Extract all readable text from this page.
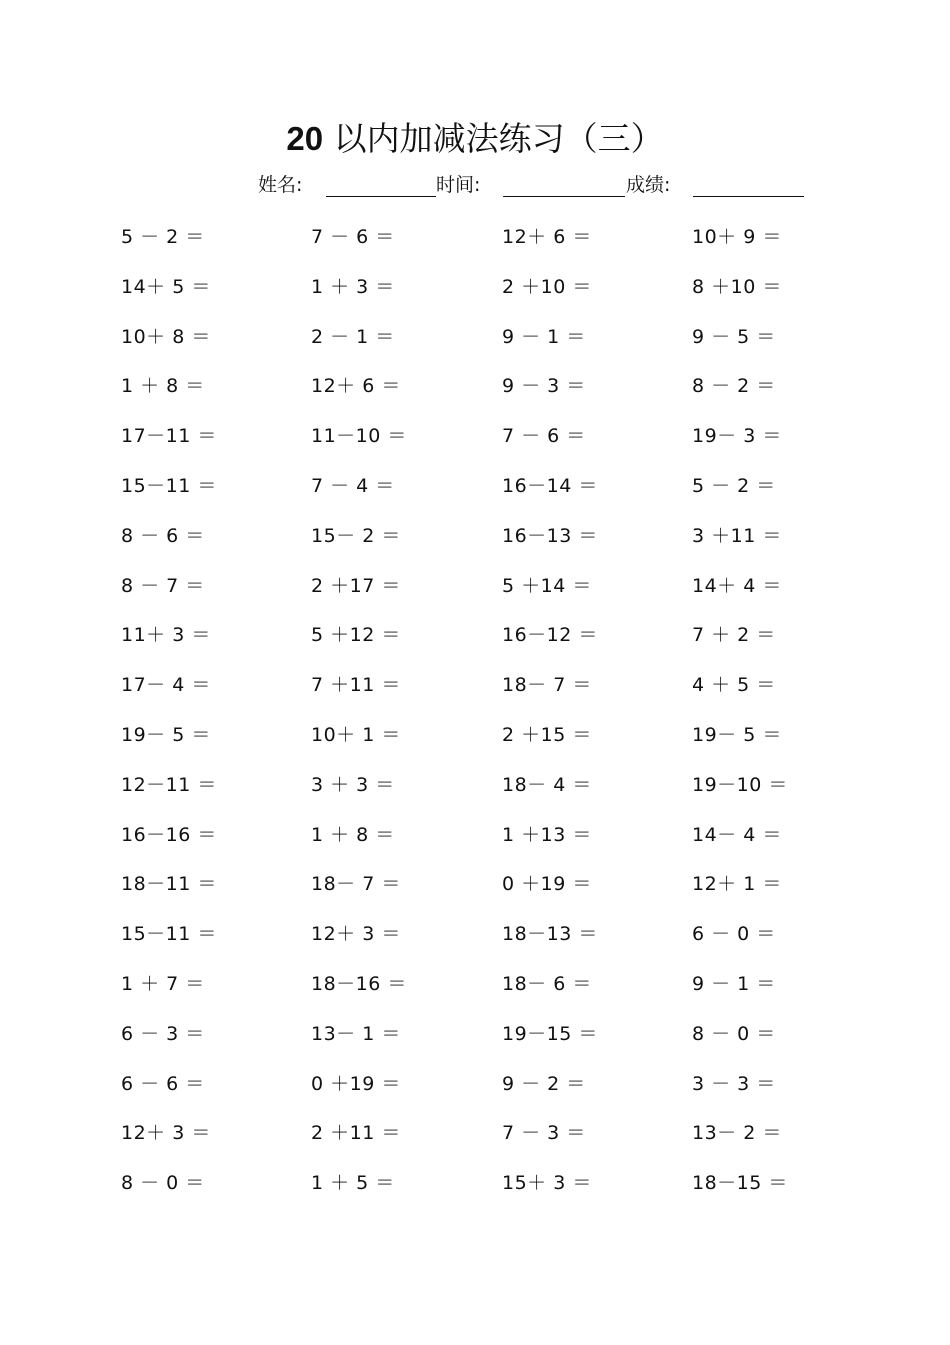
20 以内加减法练习（三）
姓名:	时间:	成绩:
5 － 2 ＝	7 － 6 ＝	12＋ 6 ＝	10＋ 9 ＝
14＋ 5 ＝	1 ＋ 3 ＝	2 ＋10 ＝	8 ＋10 ＝
10＋ 8 ＝	2 － 1 ＝	9 － 1 ＝	9 － 5 ＝
1 ＋ 8 ＝	12＋ 6 ＝	9 － 3 ＝	8 － 2 ＝
17－11 ＝	11－10 ＝	7 － 6 ＝	19－ 3 ＝
15－11 ＝	7 － 4 ＝	16－14 ＝	5 － 2 ＝
8 － 6 ＝	15－ 2 ＝	16－13 ＝	3 ＋11 ＝
8 － 7 ＝	2 ＋17 ＝	5 ＋14 ＝	14＋ 4 ＝
11＋ 3 ＝	5 ＋12 ＝	16－12 ＝	7 ＋ 2 ＝
17－ 4 ＝	7 ＋11 ＝	18－ 7 ＝	4 ＋ 5 ＝
19－ 5 ＝	10＋ 1 ＝	2 ＋15 ＝	19－ 5 ＝
12－11 ＝	3 ＋ 3 ＝	18－ 4 ＝	19－10 ＝
16－16 ＝	1 ＋ 8 ＝	1 ＋13 ＝	14－ 4 ＝
18－11 ＝	18－ 7 ＝	0 ＋19 ＝	12＋ 1 ＝
15－11 ＝	12＋ 3 ＝	18－13 ＝	6 － 0 ＝
1 ＋ 7 ＝	18－16 ＝	18－ 6 ＝	9 － 1 ＝
6 － 3 ＝	13－ 1 ＝	19－15 ＝	8 － 0 ＝
6 － 6 ＝	0 ＋19 ＝	9 － 2 ＝	3 － 3 ＝
12＋ 3 ＝	2 ＋11 ＝	7 － 3 ＝	13－ 2 ＝
8 － 0 ＝	1 ＋ 5 ＝	15＋ 3 ＝	18－15 ＝
